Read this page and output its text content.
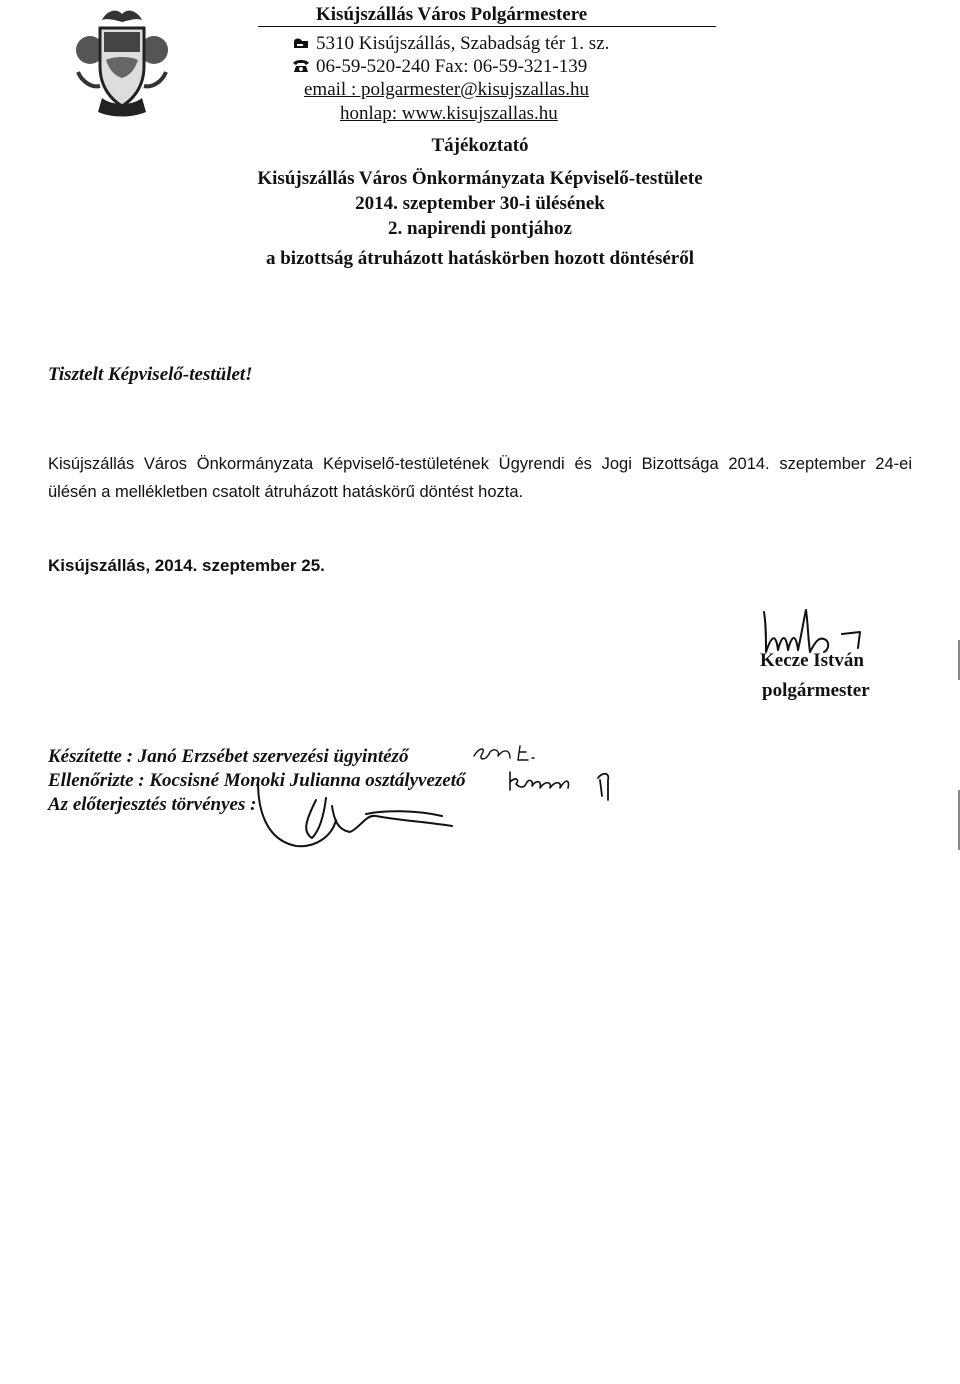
Kisújszállás Város Polgármestere
5310 Kisújszállás, Szabadság tér 1. sz.
06-59-520-240 Fax: 06-59-321-139
email : polgarmester@kisujszallas.hu
honlap: www.kisujszallas.hu
Tájékoztató
Kisújszállás Város Önkormányzata Képviselő-testülete
2014. szeptember 30-i ülésének
2. napirendi pontjához
a bizottság átruházott hatáskörben hozott döntéséről
Tisztelt Képviselő-testület!
Kisújszállás Város Önkormányzata Képviselő-testületének Ügyrendi és Jogi Bizottsága 2014. szeptember 24-ei ülésén a mellékletben csatolt átruházott hatáskörű döntést hozta.
Kisújszállás, 2014. szeptember 25.
Kecze István
polgármester
Készítette : Janó Erzsébet szervezési ügyintéző
Ellenőrizte : Kocsisné Monoki Julianna osztályvezető
Az előterjesztés törvényes :
